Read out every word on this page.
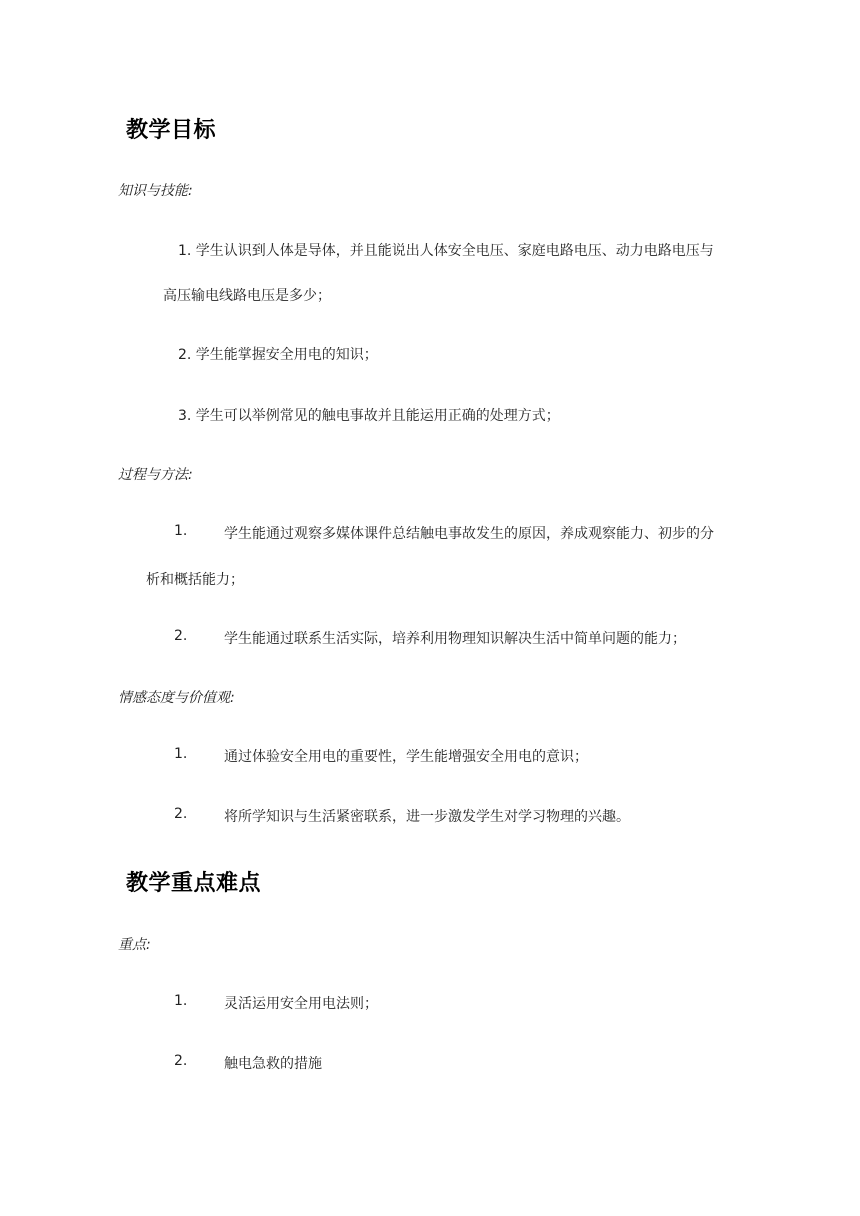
教学目标
知识与技能:
1. 学生认识到人体是导体，并且能说出人体安全电压、家庭电路电压、动力电路电压与
高压输电线路电压是多少；
2. 学生能掌握安全用电的知识；
3. 学生可以举例常见的触电事故并且能运用正确的处理方式；
过程与方法:
1.	学生能通过观察多媒体课件总结触电事故发生的原因，养成观察能力、初步的分
析和概括能力；
2.	学生能通过联系生活实际，培养利用物理知识解决生活中简单问题的能力；
情感态度与价值观:
1.	通过体验安全用电的重要性，学生能增强安全用电的意识；
2.	将所学知识与生活紧密联系，进一步激发学生对学习物理的兴趣。
教学重点难点
重点:
1.	灵活运用安全用电法则；
2.	触电急救的措施
